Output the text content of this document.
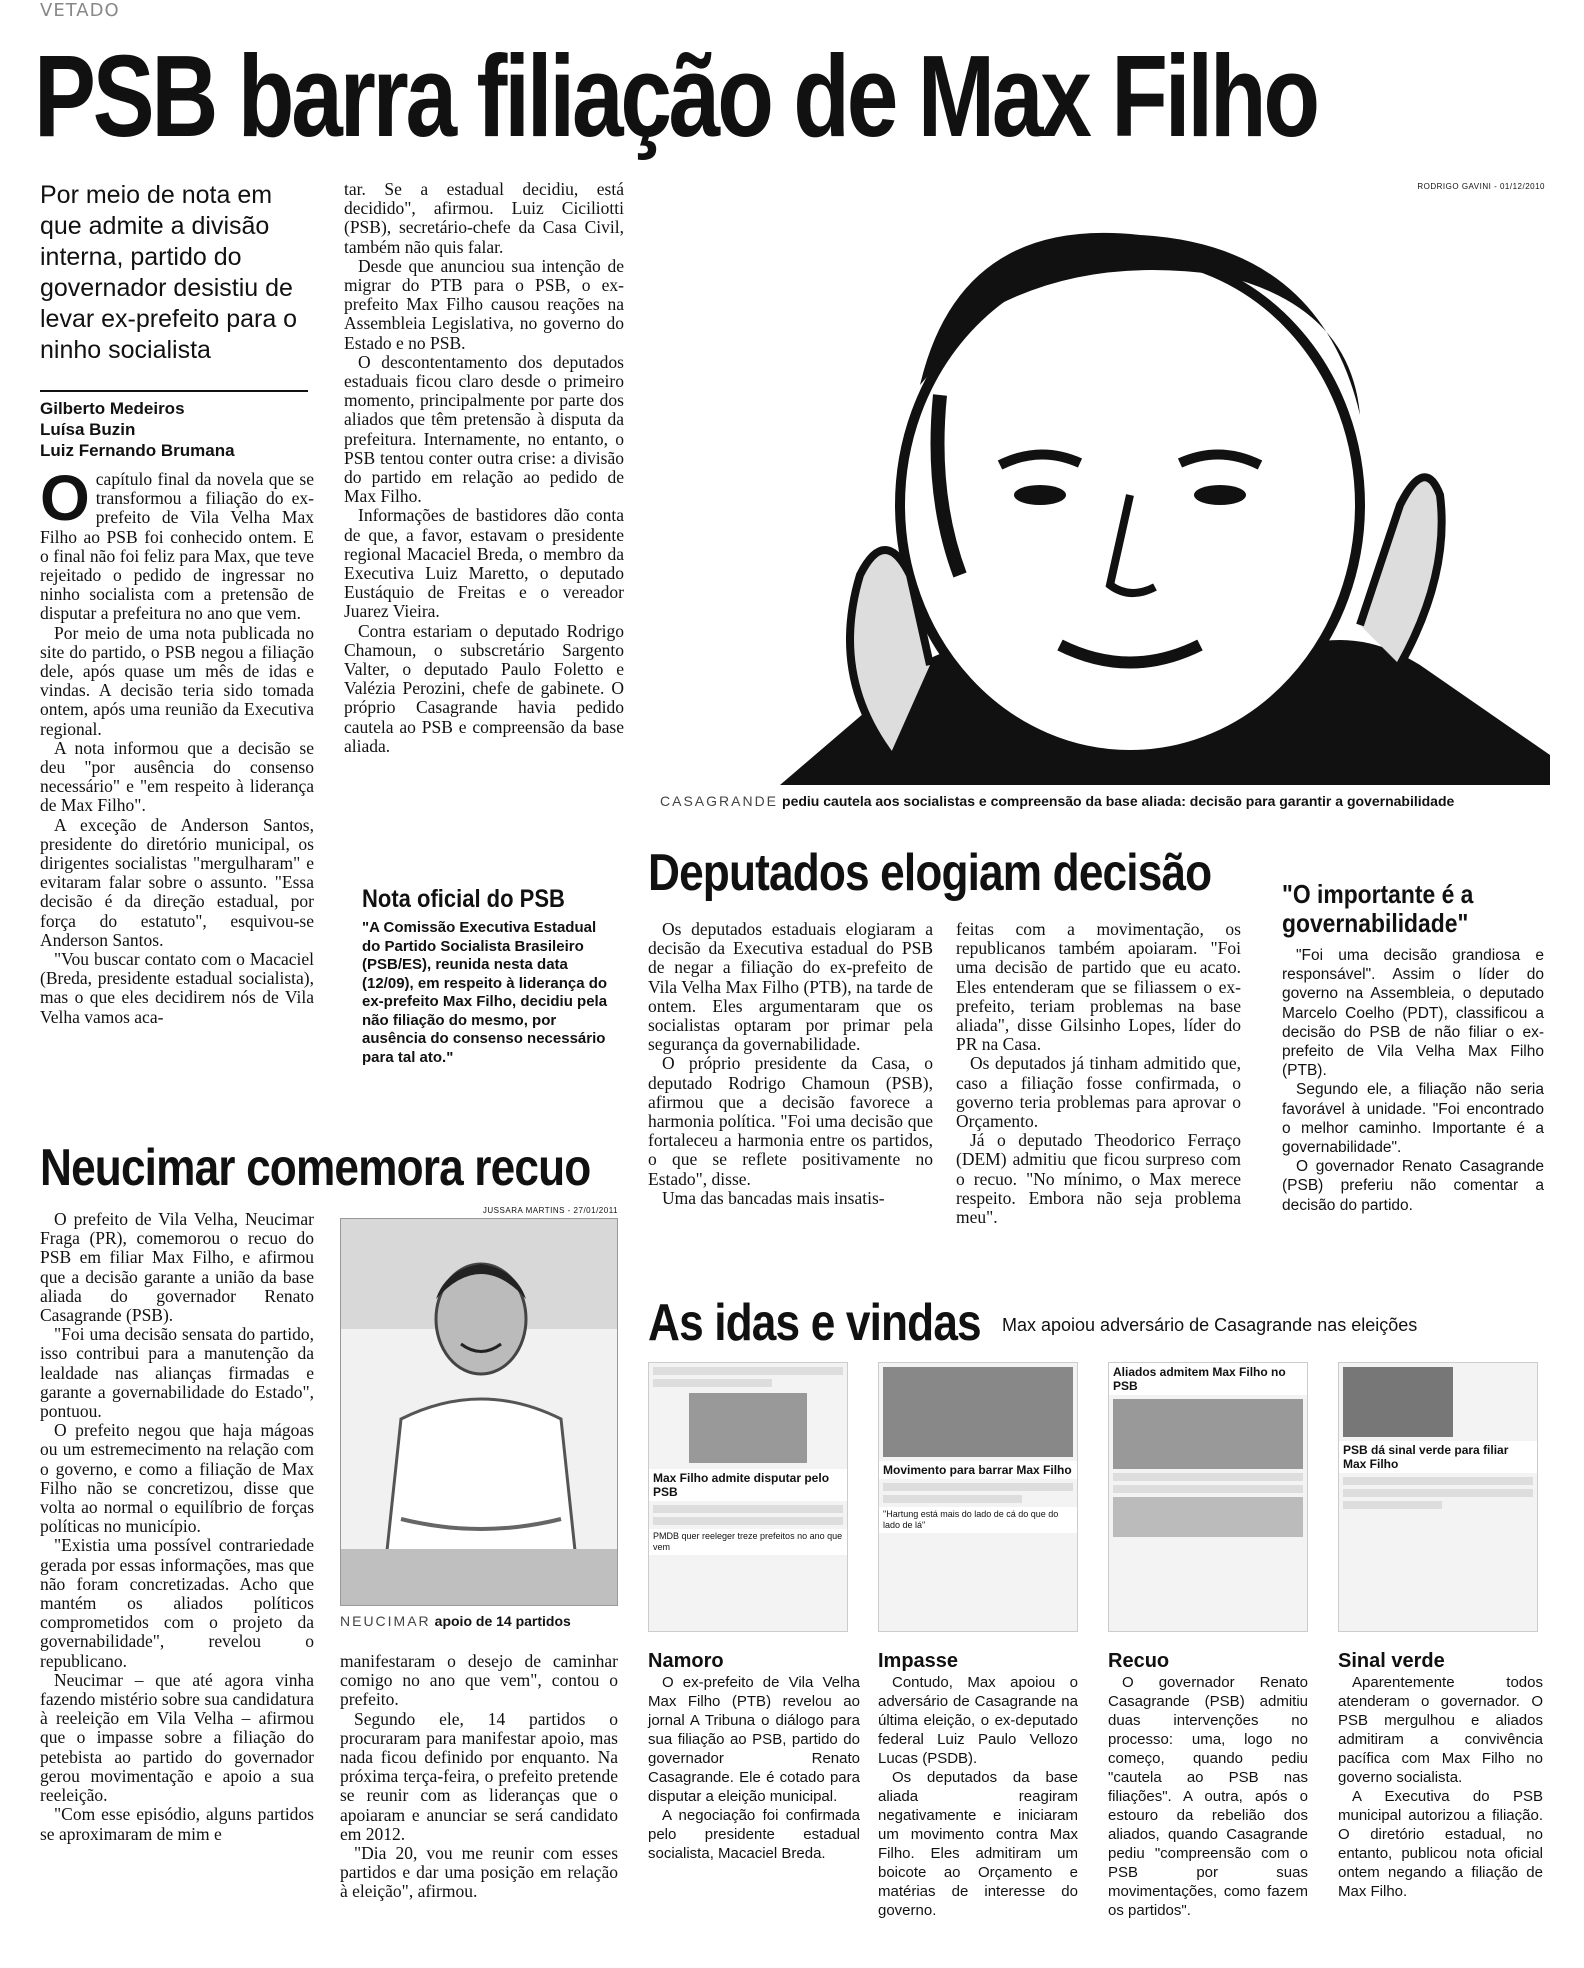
VETADO
PSB barra filiação de Max Filho
Por meio de nota em que admite a divisão interna, partido do governador desistiu de levar ex-prefeito para o ninho socialista
Gilberto Medeiros
Luísa Buzin
Luiz Fernando Brumana

Ocapítulo final da novela que se transformou a filiação do ex-prefeito de Vila Velha Max Filho ao PSB foi conhecido ontem. E o final não foi feliz para Max, que teve rejeitado o pedido de ingressar no ninho socialista com a pretensão de disputar a prefeitura no ano que vem.

Por meio de uma nota publicada no site do partido, o PSB negou a filiação dele, após quase um mês de idas e vindas. A decisão teria sido tomada ontem, após uma reunião da Executiva regional.

A nota informou que a decisão se deu "por ausência do consenso necessário" e "em respeito à liderança de Max Filho".

A exceção de Anderson Santos, presidente do diretório municipal, os dirigentes socialistas "mergulharam" e evitaram falar sobre o assunto. "Essa decisão é da direção estadual, por força do estatuto", esquivou-se Anderson Santos.

"Vou buscar contato com o Macaciel (Breda, presidente estadual socialista), mas o que eles decidirem nós de Vila Velha vamos aca-

tar. Se a estadual decidiu, está decidido", afirmou. Luiz Ciciliotti (PSB), secretário-chefe da Casa Civil, também não quis falar.

Desde que anunciou sua intenção de migrar do PTB para o PSB, o ex-prefeito Max Filho causou reações na Assembleia Legislativa, no governo do Estado e no PSB.

O descontentamento dos deputados estaduais ficou claro desde o primeiro momento, principalmente por parte dos aliados que têm pretensão à disputa da prefeitura. Internamente, no entanto, o PSB tentou conter outra crise: a divisão do partido em relação ao pedido de Max Filho.

Informações de bastidores dão conta de que, a favor, estavam o presidente regional Macaciel Breda, o membro da Executiva Luiz Maretto, o deputado Eustáquio de Freitas e o vereador Juarez Vieira.

Contra estariam o deputado Rodrigo Chamoun, o subscretário Sargento Valter, o deputado Paulo Foletto e Valézia Perozini, chefe de gabinete. O próprio Casagrande havia pedido cautela ao PSB e compreensão da base aliada.

RODRIGO GAVINI - 01/12/2010
CASAGRANDE pediu cautela aos socialistas e compreensão da base aliada: decisão para garantir a governabilidade
Nota oficial do PSB
"A Comissão Executiva Estadual do Partido Socialista Brasileiro (PSB/ES), reunida nesta data (12/09), em respeito à liderança do ex-prefeito Max Filho, decidiu pela não filiação do mesmo, por ausência do consenso necessário para tal ato."
Deputados elogiam decisão

Os deputados estaduais elogiaram a decisão da Executiva estadual do PSB de negar a filiação do ex-prefeito de Vila Velha Max Filho (PTB), na tarde de ontem. Eles argumentaram que os socialistas optaram por primar pela segurança da governabilidade.

O próprio presidente da Casa, o deputado Rodrigo Chamoun (PSB), afirmou que a decisão favorece a harmonia política. "Foi uma decisão que fortaleceu a harmonia entre os partidos, o que se reflete positivamente no Estado", disse.

Uma das bancadas mais insatis-

feitas com a movimentação, os republicanos também apoiaram. "Foi uma decisão de partido que eu acato. Eles entenderam que se filiassem o ex-prefeito, teriam problemas na base aliada", disse Gilsinho Lopes, líder do PR na Casa.

Os deputados já tinham admitido que, caso a filiação fosse confirmada, o governo teria problemas para aprovar o Orçamento.

Já o deputado Theodorico Ferraço (DEM) admitiu que ficou surpreso com o recuo. "No mínimo, o Max merece respeito. Embora não seja problema meu".

"O importante é a governabilidade"

"Foi uma decisão grandiosa e responsável". Assim o líder do governo na Assembleia, o deputado Marcelo Coelho (PDT), classificou a decisão do PSB de não filiar o ex-prefeito de Vila Velha Max Filho (PTB).

Segundo ele, a filiação não seria favorável à unidade. "Foi encontrado o melhor caminho. Importante é a governabilidade".

O governador Renato Casagrande (PSB) preferiu não comentar a decisão do partido.

Neucimar comemora recuo

O prefeito de Vila Velha, Neucimar Fraga (PR), comemorou o recuo do PSB em filiar Max Filho, e afirmou que a decisão garante a união da base aliada do governador Renato Casagrande (PSB).

"Foi uma decisão sensata do partido, isso contribui para a manutenção da lealdade nas alianças firmadas e garante a governabilidade do Estado", pontuou.

O prefeito negou que haja mágoas ou um estremecimento na relação com o governo, e como a filiação de Max Filho não se concretizou, disse que volta ao normal o equilíbrio de forças políticas no município.

"Existia uma possível contrariedade gerada por essas informações, mas que não foram concretizadas. Acho que mantém os aliados políticos comprometidos com o projeto da governabilidade", revelou o republicano.

Neucimar – que até agora vinha fazendo mistério sobre sua candidatura à reeleição em Vila Velha – afirmou que o impasse sobre a filiação do petebista ao partido do governador gerou movimentação e apoio a sua reeleição.

"Com esse episódio, alguns partidos se aproximaram de mim e

JUSSARA MARTINS - 27/01/2011
NEUCIMAR apoio de 14 partidos

manifestaram o desejo de caminhar comigo no ano que vem", contou o prefeito.

Segundo ele, 14 partidos o procuraram para manifestar apoio, mas nada ficou definido por enquanto. Na próxima terça-feira, o prefeito pretende se reunir com as lideranças que o apoiaram e anunciar se será candidato em 2012.

"Dia 20, vou me reunir com esses partidos e dar uma posição em relação à eleição", afirmou.

As idas e vindas Max apoiou adversário de Casagrande nas eleições
Max Filho admite disputar pelo PSB
PMDB quer reeleger treze prefeitos no ano que vem
Movimento para barrar Max Filho
"Hartung está mais do lado de cá do que do lado de lá"
Aliados admitem Max Filho no PSB
PSB dá sinal verde para filiar Max Filho
Namoro

O ex-prefeito de Vila Velha Max Filho (PTB) revelou ao jornal A Tribuna o diálogo para sua filiação ao PSB, partido do governador Renato Casagrande. Ele é cotado para disputar a eleição municipal.

A negociação foi confirmada pelo presidente estadual socialista, Macaciel Breda.

Impasse

Contudo, Max apoiou o adversário de Casagrande na última eleição, o ex-deputado federal Luiz Paulo Vellozo Lucas (PSDB).

Os deputados da base aliada reagiram negativamente e iniciaram um movimento contra Max Filho. Eles admitiram um boicote ao Orçamento e matérias de interesse do governo.

Recuo

O governador Renato Casagrande (PSB) admitiu duas intervenções no processo: uma, logo no começo, quando pediu "cautela ao PSB nas filiações". A outra, após o estouro da rebelião dos aliados, quando Casagrande pediu "compreensão com o PSB por suas movimentações, como fazem os partidos".

Sinal verde

Aparentemente todos atenderam o governador. O PSB mergulhou e aliados admitiram a convivência pacífica com Max Filho no governo socialista.

A Executiva do PSB municipal autorizou a filiação. O diretório estadual, no entanto, publicou nota oficial ontem negando a filiação de Max Filho.
